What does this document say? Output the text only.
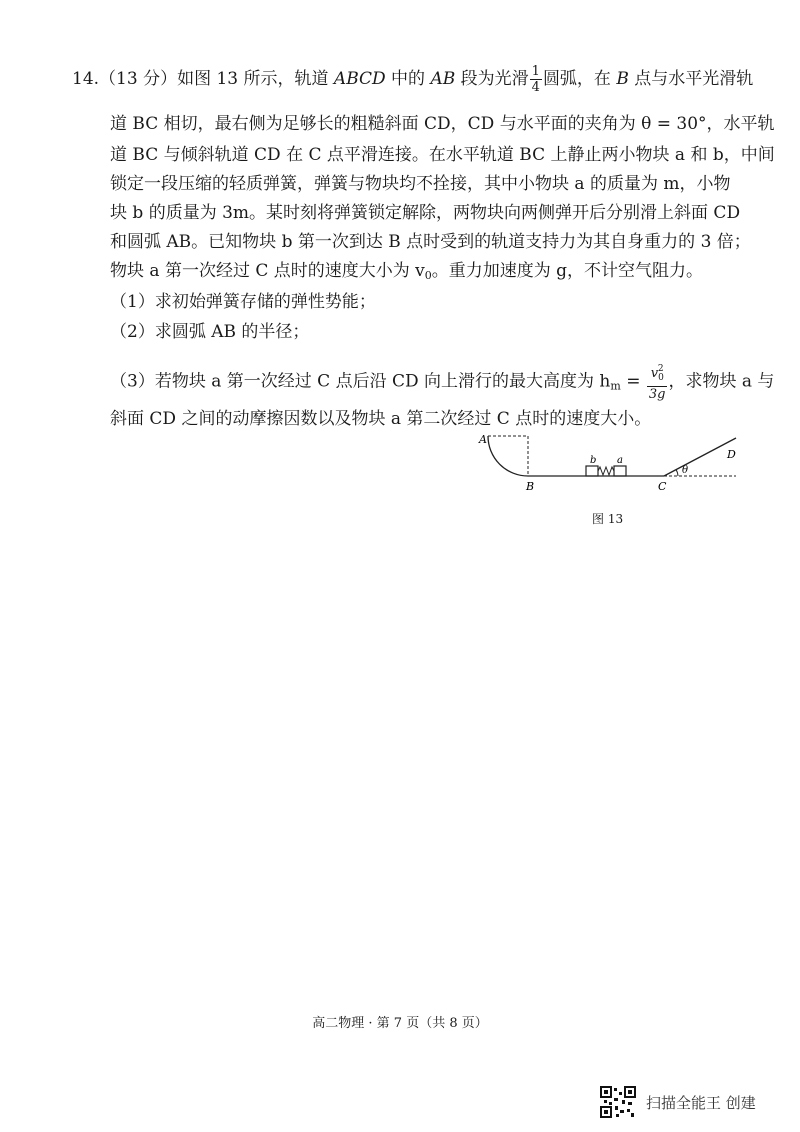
14.（13 分）如图 13 所示，轨道 ABCD 中的 AB 段为光滑 $\frac{1}{4}$ 圆弧，在 B 点与水平光滑轨
道 BC 相切，最右侧为足够长的粗糙斜面 CD，CD 与水平面的夹角为 θ = 30°，水平轨
道 BC 与倾斜轨道 CD 在 C 点平滑连接。在水平轨道 BC 上静止两小物块 a 和 b，中间
锁定一段压缩的轻质弹簧，弹簧与物块均不拴接，其中小物块 a 的质量为 m，小物
块 b 的质量为 3m。某时刻将弹簧锁定解除，两物块向两侧弹开后分别滑上斜面 CD
和圆弧 AB。已知物块 b 第一次到达 B 点时受到的轨道支持力为其自身重力的 3 倍；
物块 a 第一次经过 C 点时的速度大小为 $v_0$。重力加速度为 g，不计空气阻力。
（1）求初始弹簧存储的弹性势能；
（2）求圆弧 AB 的半径；
（3）若物块 a 第一次经过 C 点后沿 CD 向上滑行的最大高度为 $h_m = \frac{v_0^2}{3g}$ ，求物块 a 与
斜面 CD 之间的动摩擦因数以及物块 a 第二次经过 C 点时的速度大小。
A
B	C
D
b a
θ
图 13
高二物理 · 第 7 页（共 8 页）
扫描全能王 创建
